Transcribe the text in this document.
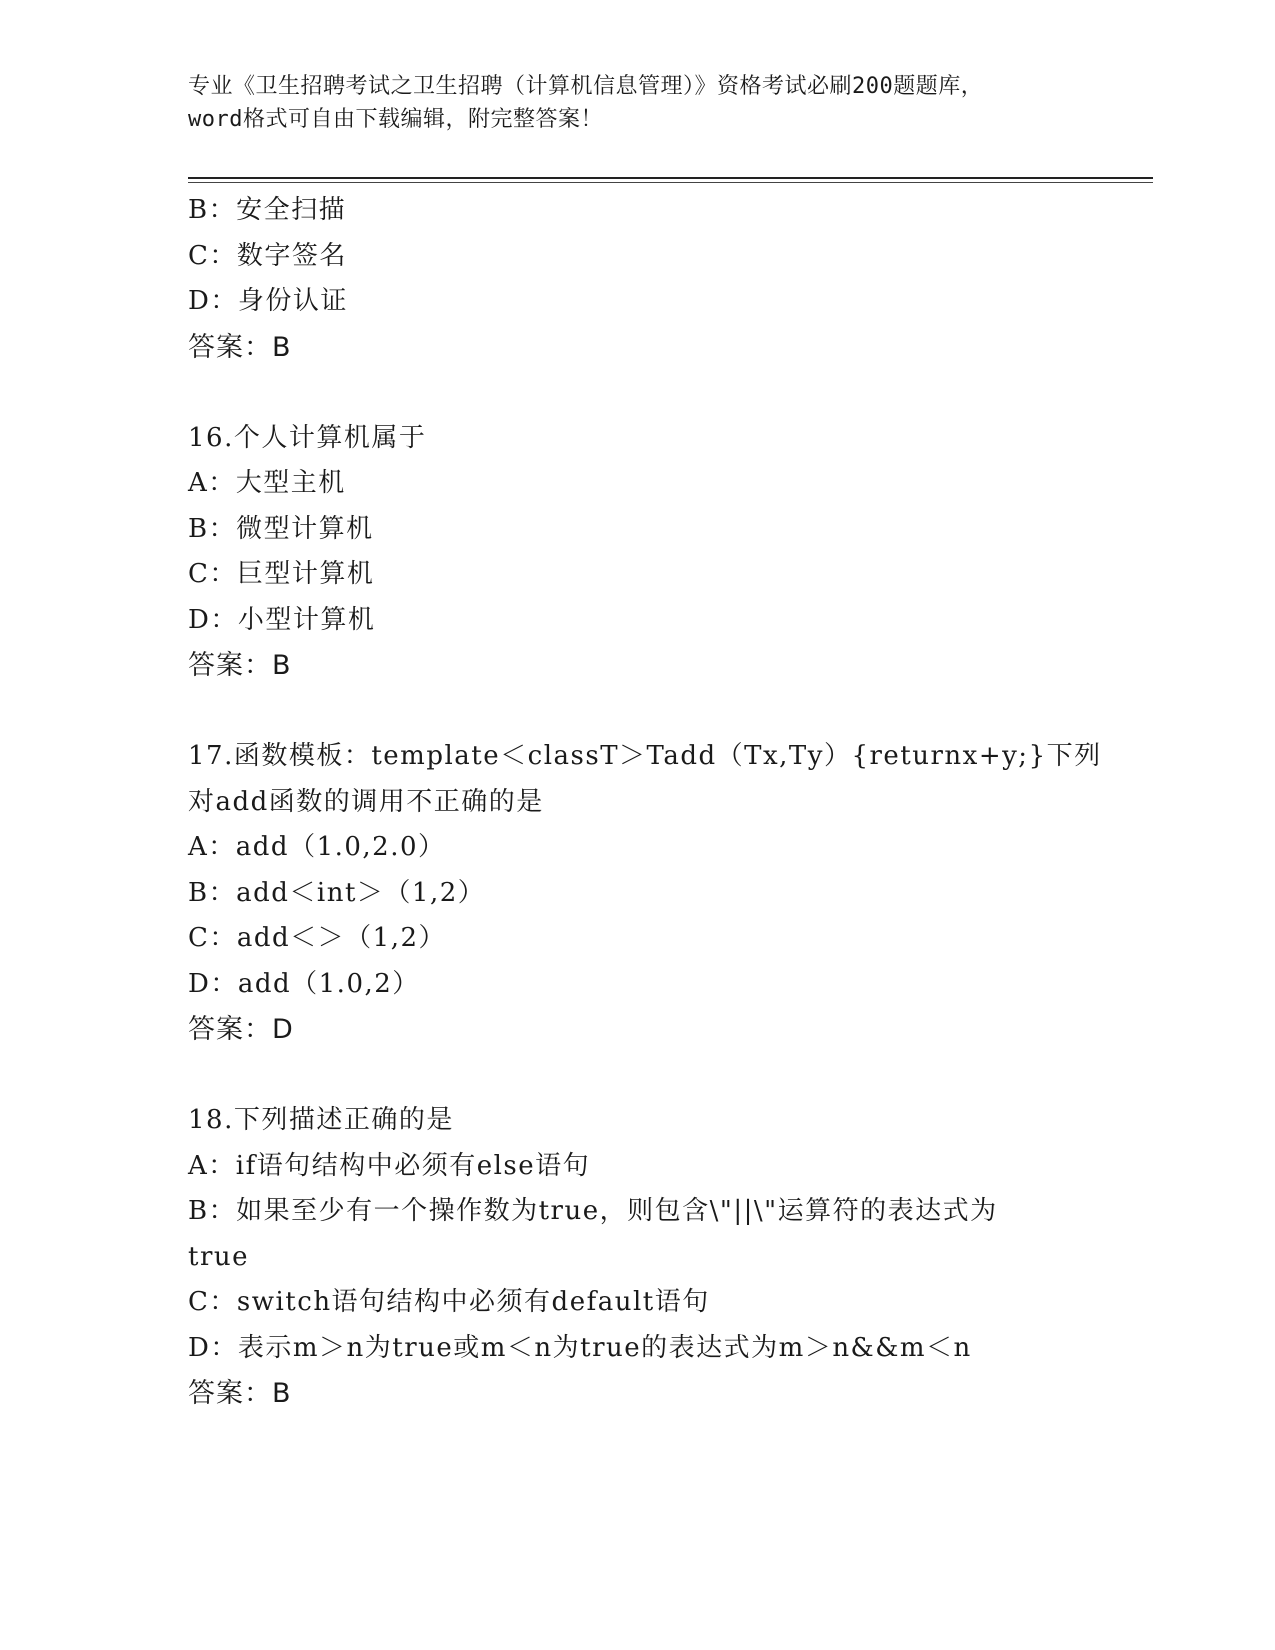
专业《卫生招聘考试之卫生招聘（计算机信息管理）》资格考试必刷200题题库，
word格式可自由下载编辑，附完整答案！
B：安全扫描
C：数字签名
D：身份认证
答案：B
16.个人计算机属于
A：大型主机
B：微型计算机
C：巨型计算机
D：小型计算机
答案：B
17.函数模板：template＜classT＞Tadd（Tx,Ty）{returnx+y;}下列
对add函数的调用不正确的是
A：add（1.0,2.0）
B：add＜int＞（1,2）
C：add＜＞（1,2）
D：add（1.0,2）
答案：D
18.下列描述正确的是
A：if语句结构中必须有else语句
B：如果至少有一个操作数为true，则包含\"||\"运算符的表达式为
true
C：switch语句结构中必须有default语句
D：表示m＞n为true或m＜n为true的表达式为m＞n&&m＜n
答案：B
